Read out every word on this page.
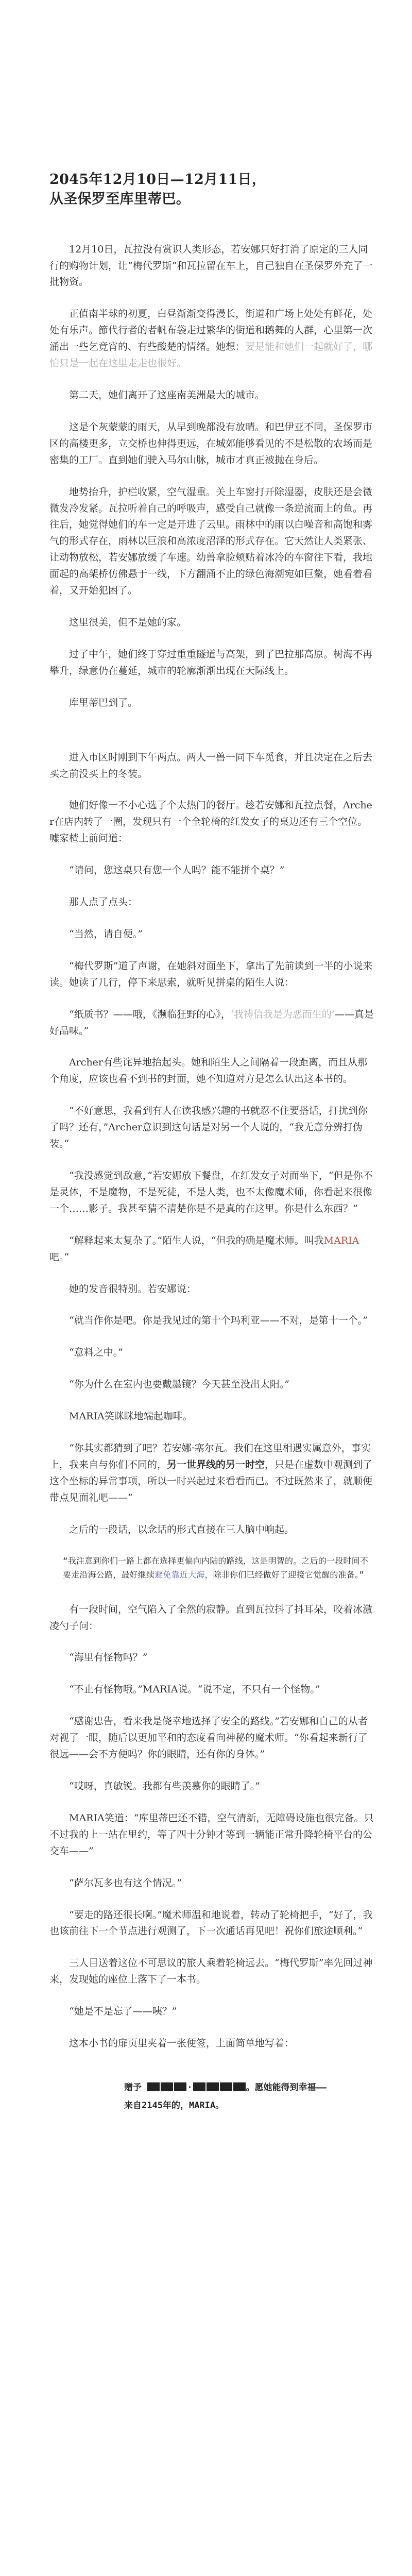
2045年12月10日—12月11日，
从圣保罗至库里蒂巴。

12月10日，瓦拉没有赏识人类形态，若安娜只好打消了原定的三人同行的购物计划，让“梅代罗斯”和瓦拉留在车上，自己独自在圣保罗外充了一批物资。

正值南半球的初夏，白昼渐渐变得漫长，街道和广场上处处有鲜花，处处有乐声。節代行者的者帆布袋走过繁华的街道和鹅舞的人群，心里第一次涌出一些乞竟宵的、有些酸楚的情绪。她想：要是能和她们一起就好了，哪怕只是一起在这里走走也很好。

第二天，她们离开了这座南美洲最大的城市。

这是个灰蒙蒙的雨天，从早到晚都没有放晴。和巴伊亚不同，圣保罗市区的高楼更多，立交桥也伸得更远，在城郊能够看见的不是松散的农场而是密集的工厂。直到她们驶入马尔山脉，城市才真正被抛在身后。

地势抬升，护栏收紧，空气湿重。关上车窗打开除湿器，皮肤还是会微微发冷发紧。瓦拉听着自己的呼吸声，感受自己就像一条逆流而上的鱼。再往后，她觉得她们的车一定是开进了云里。雨林中的雨以白噪音和高饱和雾气的形式存在，雨林以巨浪和高浓度沼泽的形式存在。它天然让人类紧张、让动物放松，若安娜放缓了车速。幼兽拿脸颊贴着冰冷的车窗往下看，我地面起的高架桥仿佛悬于一线，下方翻涌不止的绿色海潮宛如巨鳌，她看着看着，又开始犯困了。

这里很美，但不是她的家。

过了中午，她们终于穿过重重隧道与高架，到了巴拉那高原。树海不再攀升，绿意仍在蔓延，城市的轮廓渐渐出现在天际线上。

库里蒂巴到了。

进入市区时刚到下午两点。两人一兽一同下车觅食，并且决定在之后去买之前没买上的冬装。

她们好像一不小心选了个太热门的餐厅。趁若安娜和瓦拉点餐，Archer在店内转了一圈，发现只有一个全轮椅的红发女子的桌边还有三个空位。嘘家楂上前问道：

“请问，您这桌只有您一个人吗？能不能拼个桌？”

那人点了点头：

“当然，请自便。”

“梅代罗斯”道了声谢，在她斜对面坐下，拿出了先前读到一半的小说来读。她读了几行，停下来思索，就听见拼桌的陌生人说：

“纸质书？——哦，《濒临狂野的心》，‘我祷信我是为恶而生的’——真是好品味。”

Archer有些诧异地抬起头。她和陌生人之间隔着一段距离，而且从那个角度，应该也看不到书的封面，她不知道对方是怎么认出这本书的。

“不好意思，我看到有人在读我感兴趣的书就忍不住要搭话，打扰到你了吗？还有，”Archer意识到这句话是对另一个人说的，“我无意分辨打伪装。”

“我没感觉到敌意，”若安娜放下餐盘，在红发女子对面坐下，“但是你不是灵体，不是魔物，不是死徒，不是人类，也不太像魔术师，你看起来很像一个……影子。我甚至猜不清楚你是不是真的在这里。你是什么东西？”

“解释起来太复杂了。”陌生人说，“但我的确是魔术师。叫我MARIA吧。”

她的发音很特别。若安娜说：

“就当作你是吧。你是我见过的第十个玛利亚——不对，是第十一个。”

“意料之中。”

“你为什么在室内也要戴墨镜？今天甚至没出太阳。”

MARIA笑眯眯地端起咖啡。

“你其实都猜到了吧？若安娜·塞尔瓦。我们在这里相遇实属意外，事实上，我来自与你们不同的，另一世界线的另一时空，只是在虚数中观测到了这个坐标的异常事项，所以一时兴起过来看看而已。不过既然来了，就顺便带点见面礼吧——”

之后的一段话，以念话的形式直接在三人脑中响起。

“我注意到你们一路上都在选择更偏向内陆的路线，这是明智的。之后的一段时间不要走沿海公路，最好继续避免靠近大海，除非你们已经做好了迎接它觉醒的准备。”

有一段时间，空气陷入了全然的寂静。直到瓦拉抖了抖耳朵，咬着冰激凌勺子问：

“海里有怪物吗？”

“不止有怪物哦。”MARIA说。“说不定，不只有一个怪物。”

“感谢忠告，看来我是侥幸地选择了安全的路线。”若安娜和自己的从者对视了一眼，随后以更加平和的态度看向神秘的魔术师。“你看起来新行了很远——会不方便吗？你的眼睛，还有你的身体。”

“哎呀，真敏锐。我都有些羡慕你的眼睛了。”

MARIA笑道：“库里蒂巴还不错，空气清新，无障碍设施也很完备。只不过我的上一站在里约，等了四十分钟才等到一辆能正常升降轮椅平台的公交车——”

“萨尔瓦多也有这个情况。”

“要走的路还很长啊。”魔术师温和地说着，转动了轮椅把手，“好了，我也该前往下一个节点进行观测了，下一次通话再见吧！祝你们旅途顺利。”

三人目送着这位不可思议的旅人乘着轮椅远去。“梅代罗斯”率先回过神来，发现她的座位上落下了一本书。

“她是不是忘了——咦？”

这本小书的扉页里夹着一张便签，上面简单地写着：

赠予	·	。愿她能得到幸福——
来自2145年的，MARIA。
